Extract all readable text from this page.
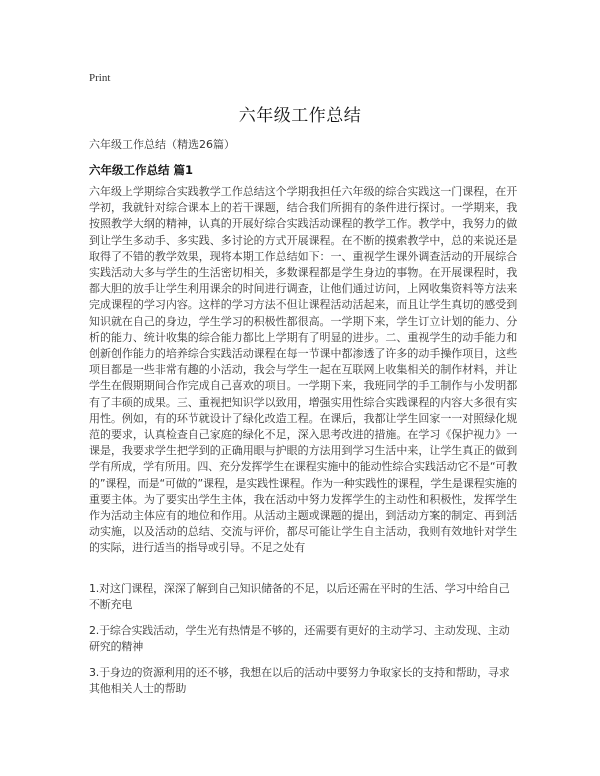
Print
六年级工作总结

六年级工作总结（精选26篇）

六年级工作总结 篇1

六年级上学期综合实践教学工作总结这个学期我担任六年级的综合实践这一门课程，在开学初，我就针对综合课本上的若干课题，结合我们所拥有的条件进行探讨。一学期来，我按照教学大纲的精神，认真的开展好综合实践活动课程的教学工作。教学中，我努力的做到让学生多动手、多实践、多讨论的方式开展课程。在不断的摸索教学中，总的来说还是取得了不错的教学效果，现将本期工作总结如下：一、重视学生课外调查活动的开展综合实践活动大多与学生的生活密切相关，多数课程都是学生身边的事物。在开展课程时，我都大胆的放手让学生利用课余的时间进行调查，让他们通过访问，上网收集资料等方法来完成课程的学习内容。这样的学习方法不但让课程活动活起来，而且让学生真切的感受到知识就在自己的身边，学生学习的积极性都很高。一学期下来，学生订立计划的能力、分析的能力、统计收集的综合能力都比上学期有了明显的进步。二、重视学生的动手能力和创新创作能力的培养综合实践活动课程在每一节课中都渗透了许多的动手操作项目，这些项目都是一些非常有趣的小活动，我会与学生一起在互联网上收集相关的制作材料，并让学生在假期期间合作完成自己喜欢的项目。一学期下来，我班同学的手工制作与小发明都有了丰硕的成果。三、重视把知识学以致用，增强实用性综合实践课程的内容大多很有实用性。例如，有的环节就设计了绿化改造工程。在课后，我都让学生回家一一对照绿化规范的要求，认真检查自己家庭的绿化不足，深入思考改进的措施。在学习《保护视力》一课是，我要求学生把学到的正确用眼与护眼的方法用到学习生活中来，让学生真正的做到学有所成，学有所用。四、充分发挥学生在课程实施中的能动性综合实践活动它不是“可教的”课程，而是“可做的”课程，是实践性课程。作为一种实践性的课程，学生是课程实施的重要主体。为了要实出学生主体，我在活动中努力发挥学生的主动性和积极性，发挥学生作为活动主体应有的地位和作用。从活动主题或课题的提出，到活动方案的制定、再到活动实施，以及活动的总结、交流与评价，都尽可能让学生自主活动，我则有效地针对学生的实际，进行适当的指导或引导。不足之处有

1.对这门课程，深深了解到自己知识储备的不足，以后还需在平时的生活、学习中给自己不断充电

2.于综合实践活动，学生光有热情是不够的，还需要有更好的主动学习、主动发现、主动研究的精神

3.于身边的资源利用的还不够，我想在以后的活动中要努力争取家长的支持和帮助，寻求其他相关人士的帮助
